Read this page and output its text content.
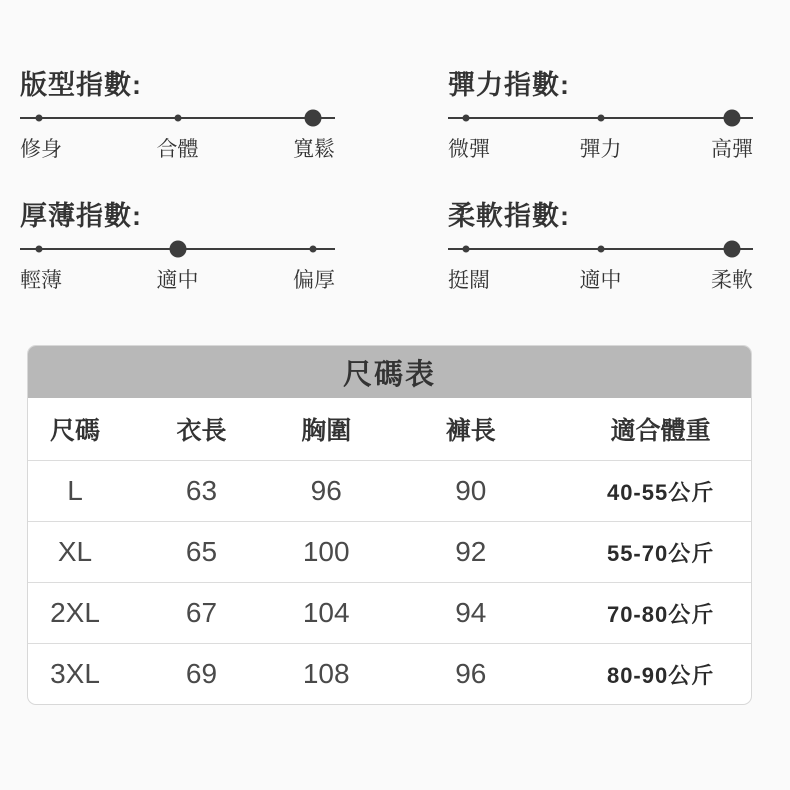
版型指數:
修身	合體	寬鬆
彈力指數:
微彈	彈力	高彈
厚薄指數:
輕薄	適中	偏厚
柔軟指數:
挺闊	適中	柔軟
尺碼表
尺碼	衣長	胸圍	褲長	適合體重
L	63	96	90	40-55公斤
XL	65	100	92	55-70公斤
2XL	67	104	94	70-80公斤
3XL	69	108	96	80-90公斤
